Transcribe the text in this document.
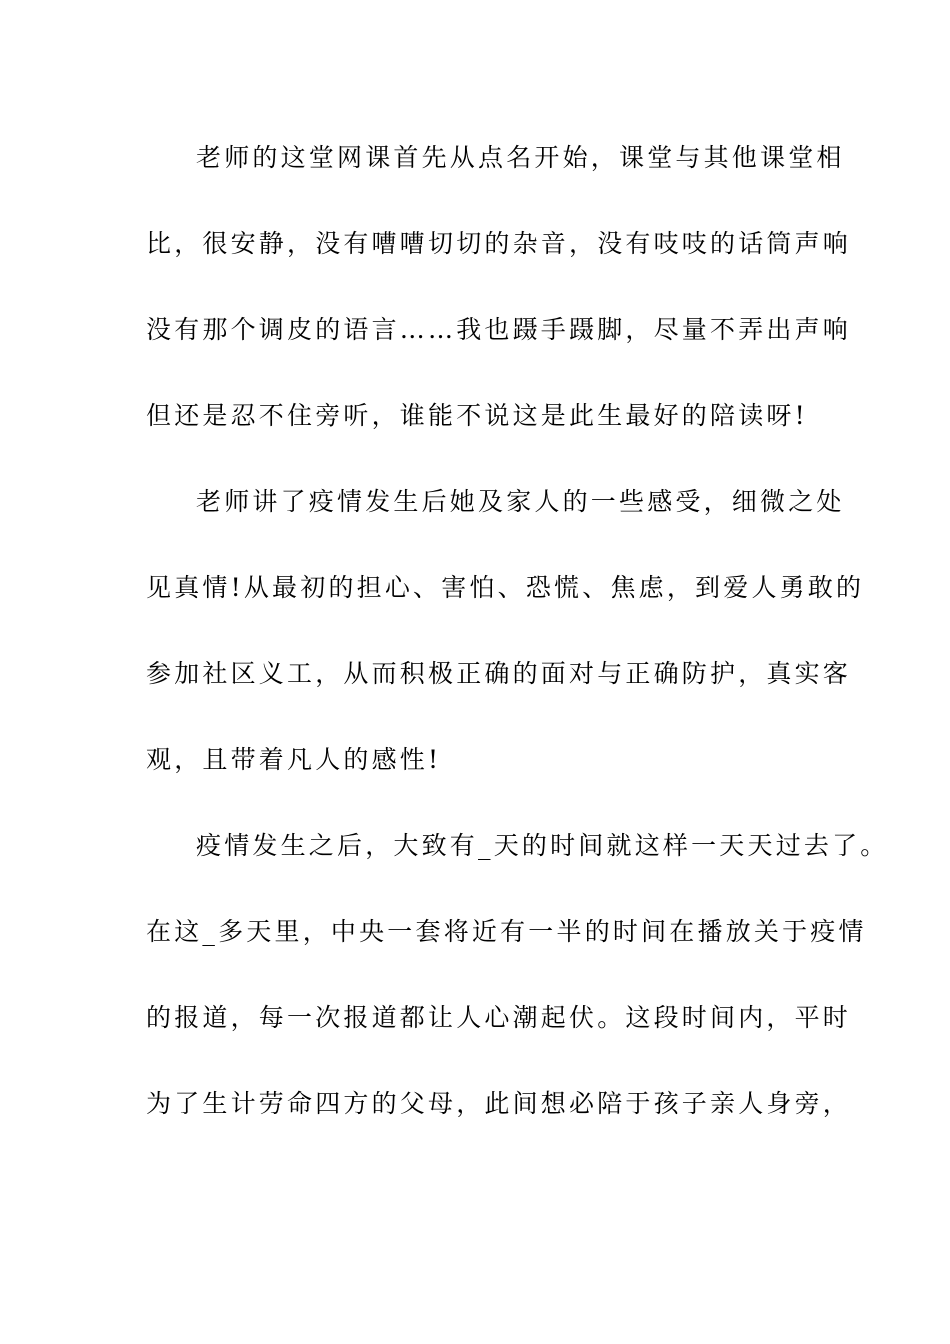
老师的这堂网课首先从点名开始，课堂与其他课堂相
比，很安静，没有嘈嘈切切的杂音，没有吱吱的话筒声响
没有那个调皮的语言……我也蹑手蹑脚，尽量不弄出声响
但还是忍不住旁听，谁能不说这是此生最好的陪读呀!
老师讲了疫情发生后她及家人的一些感受，细微之处
见真情!从最初的担心、害怕、恐慌、焦虑，到爱人勇敢的
参加社区义工，从而积极正确的面对与正确防护，真实客
观，且带着凡人的感性!
疫情发生之后，大致有_天的时间就这样一天天过去了。
在这_多天里，中央一套将近有一半的时间在播放关于疫情
的报道，每一次报道都让人心潮起伏。这段时间内，平时
为了生计劳命四方的父母，此间想必陪于孩子亲人身旁，
